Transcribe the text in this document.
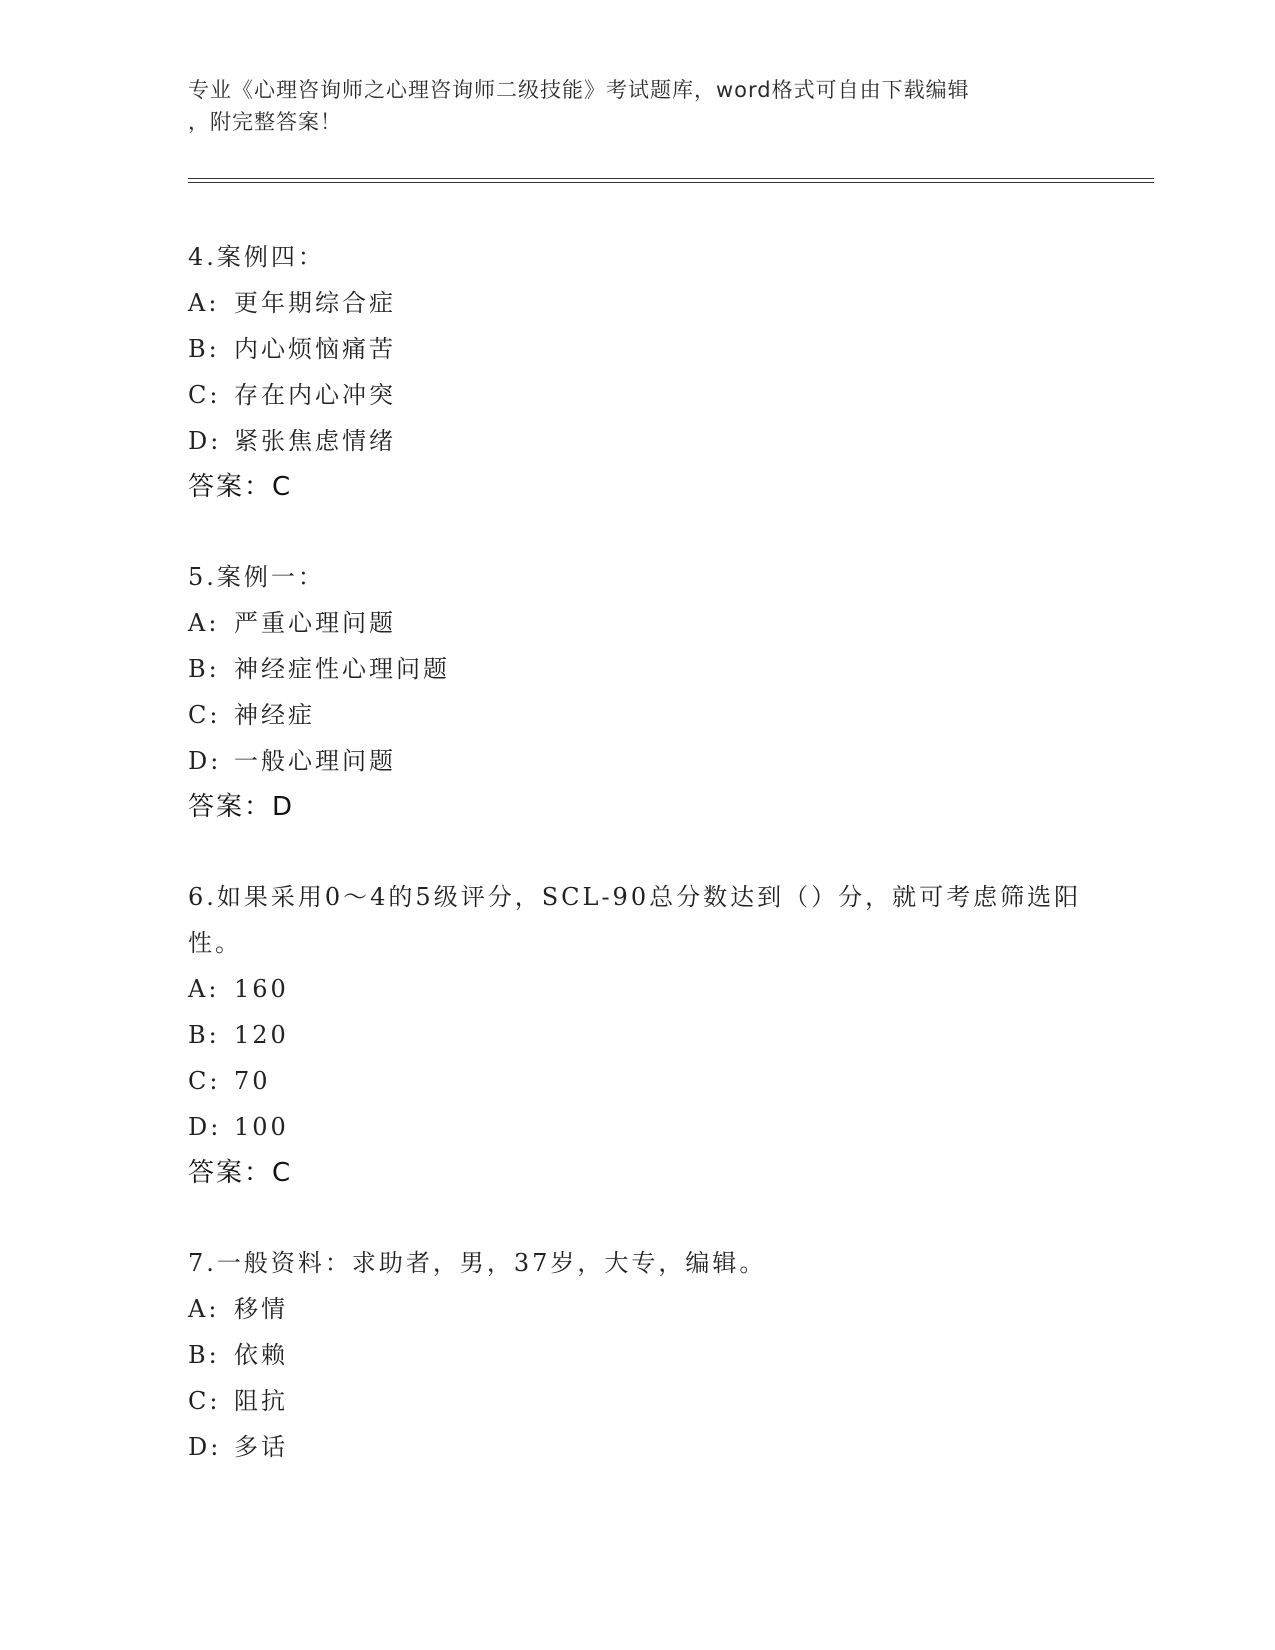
专业《心理咨询师之心理咨询师二级技能》考试题库，word格式可自由下载编辑
，附完整答案！
4.案例四：
A: 更年期综合症
B: 内心烦恼痛苦
C: 存在内心冲突
D: 紧张焦虑情绪
答案：C
5.案例一：
A: 严重心理问题
B: 神经症性心理问题
C: 神经症
D: 一般心理问题
答案：D
6.如果采用0～4的5级评分，SCL-90总分数达到（）分，就可考虑筛选阳性。
A: 160
B: 120
C: 70
D: 100
答案：C
7.一般资料：求助者，男，37岁，大专，编辑。
A: 移情
B: 依赖
C: 阻抗
D: 多话
